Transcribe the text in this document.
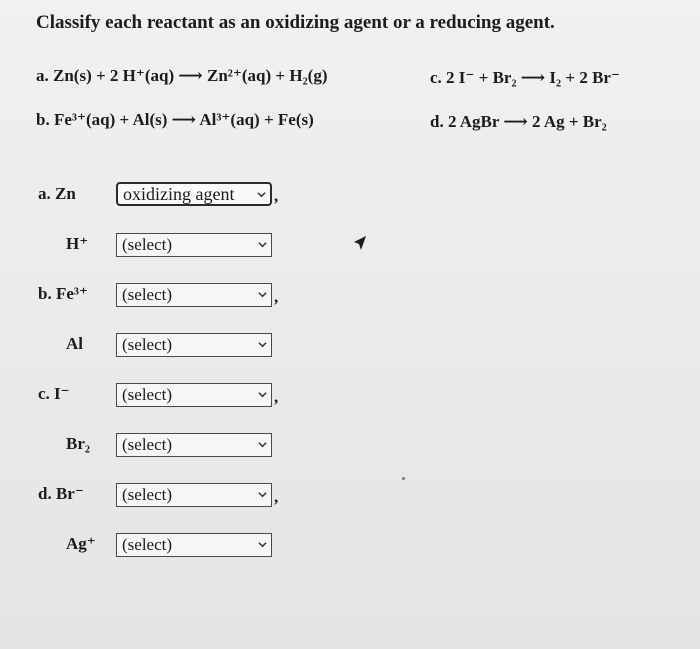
Classify each reactant as an oxidizing agent or a reducing agent.
a. Zn(s) + 2 H⁺(aq) ⟶ Zn²⁺(aq) + H₂(g)
b. Fe³⁺(aq) + Al(s) ⟶ Al³⁺(aq) + Fe(s)
c. 2 I⁻ + Br₂ ⟶ I₂ + 2 Br⁻
d. 2 AgBr ⟶ 2 Ag + Br₂
a. Zn	oxidizing agent	,
H⁺	(select)
b. Fe³⁺	(select)	,
Al	(select)
c. I⁻	(select)	,
Br₂	(select)
d. Br⁻	(select)	,
Ag⁺	(select)
